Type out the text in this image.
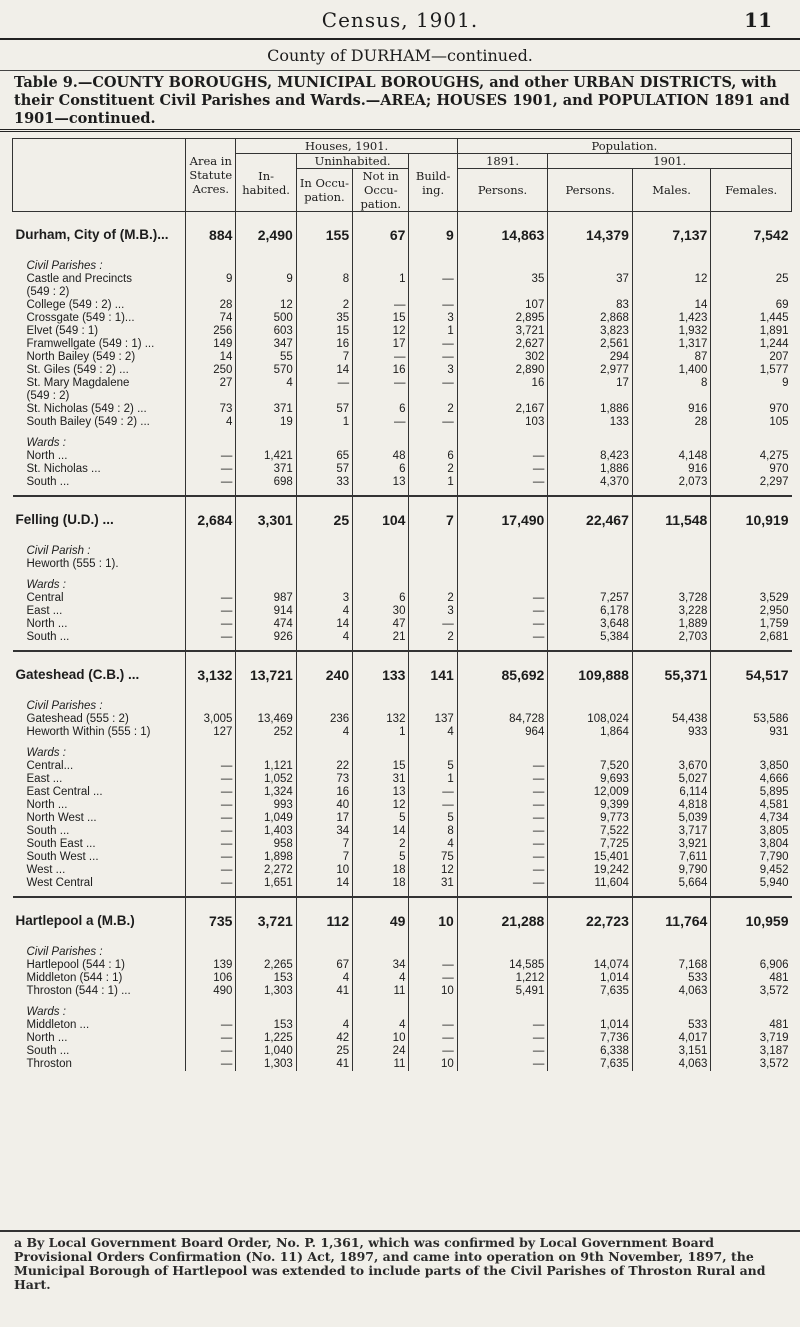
Census, 1901.	11
County of DURHAM—continued.
Table 9.—COUNTY BOROUGHS, MUNICIPAL BOROUGHS, and other URBAN DISTRICTS, with their Constituent Civil Parishes and Wards.—AREA; HOUSES 1901, and POPULATION 1891 and 1901—continued.
	Area in Statute Acres.	Houses, 1901.				Population.			
		In- habited.	Uninhabited.		Build- ing.	1891.	1901.		
			In Occu- pation.	Not in Occu- pation.		Persons.	Persons.	Males.	Females.
Durham, City of (M.B.)...	884	2,490	155	67	9	14,863	14,379	7,137	7,542
Civil Parishes :									
Castle and Precincts	9	9	8	1	—	35	37	12	25
(549 : 2)									
College (549 : 2) ...	28	12	2	—	—	107	83	14	69
Crossgate (549 : 1)...	74	500	35	15	3	2,895	2,868	1,423	1,445
Elvet (549 : 1)	256	603	15	12	1	3,721	3,823	1,932	1,891
Framwellgate (549 : 1) ...	149	347	16	17	—	2,627	2,561	1,317	1,244
North Bailey (549 : 2)	14	55	7	—	—	302	294	87	207
St. Giles (549 : 2) ...	250	570	14	16	3	2,890	2,977	1,400	1,577
St. Mary Magdalene	27	4	—	—	—	16	17	8	9
(549 : 2)									
St. Nicholas (549 : 2) ...	73	371	57	6	2	2,167	1,886	916	970
South Bailey (549 : 2) ...	4	19	1	—	—	103	133	28	105
Wards :									
North ...	—	1,421	65	48	6	—	8,423	4,148	4,275
St. Nicholas ...	—	371	57	6	2	—	1,886	916	970
South ...	—	698	33	13	1	—	4,370	2,073	2,297

Felling (U.D.) ...	2,684	3,301	25	104	7	17,490	22,467	11,548	10,919
Civil Parish :									
Heworth (555 : 1).									
Wards :									
Central	—	987	3	6	2	—	7,257	3,728	3,529
East ...	—	914	4	30	3	—	6,178	3,228	2,950
North ...	—	474	14	47	—	—	3,648	1,889	1,759
South ...	—	926	4	21	2	—	5,384	2,703	2,681

Gateshead (C.B.) ...	3,132	13,721	240	133	141	85,692	109,888	55,371	54,517
Civil Parishes :									
Gateshead (555 : 2)	3,005	13,469	236	132	137	84,728	108,024	54,438	53,586
Heworth Within (555 : 1)	127	252	4	1	4	964	1,864	933	931
Wards :									
Central...	—	1,121	22	15	5	—	7,520	3,670	3,850
East ...	—	1,052	73	31	1	—	9,693	5,027	4,666
East Central ...	—	1,324	16	13	—	—	12,009	6,114	5,895
North ...	—	993	40	12	—	—	9,399	4,818	4,581
North West ...	—	1,049	17	5	5	—	9,773	5,039	4,734
South ...	—	1,403	34	14	8	—	7,522	3,717	3,805
South East ...	—	958	7	2	4	—	7,725	3,921	3,804
South West ...	—	1,898	7	5	75	—	15,401	7,611	7,790
West ...	—	2,272	10	18	12	—	19,242	9,790	9,452
West Central	—	1,651	14	18	31	—	11,604	5,664	5,940

Hartlepool a (M.B.)	735	3,721	112	49	10	21,288	22,723	11,764	10,959
Civil Parishes :									
Hartlepool (544 : 1)	139	2,265	67	34	—	14,585	14,074	7,168	6,906
Middleton (544 : 1)	106	153	4	4	—	1,212	1,014	533	481
Throston (544 : 1) ...	490	1,303	41	11	10	5,491	7,635	4,063	3,572
Wards :									
Middleton ...	—	153	4	4	—	—	1,014	533	481
North ...	—	1,225	42	10	—	—	7,736	4,017	3,719
South ...	—	1,040	25	24	—	—	6,338	3,151	3,187
Throston	—	1,303	41	11	10	—	7,635	4,063	3,572
a By Local Government Board Order, No. P. 1,361, which was confirmed by Local Government Board Provisional Orders Confirmation (No. 11) Act, 1897, and came into operation on 9th November, 1897, the Municipal Borough of Hartlepool was extended to include parts of the Civil Parishes of Throston Rural and Hart.
